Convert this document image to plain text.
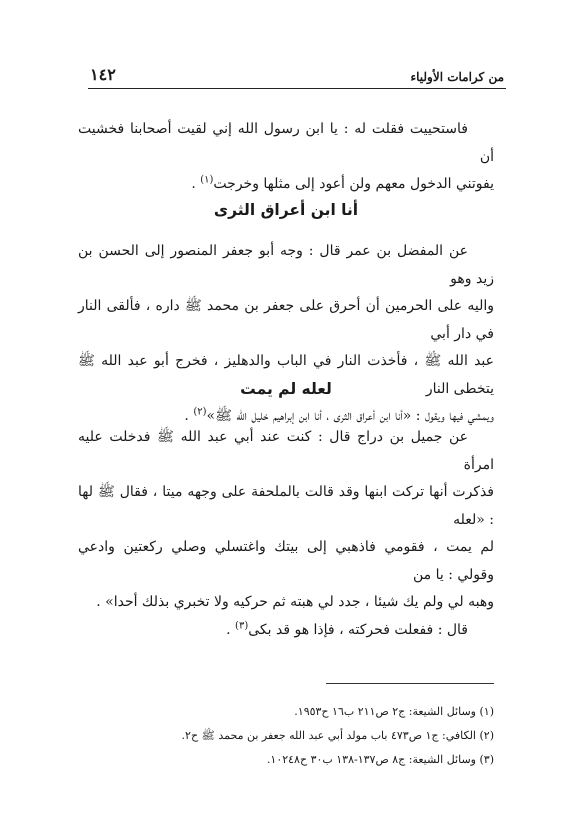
١٤٢	من كرامات الأولياء

فاستحييت فقلت له : يا ابن رسول الله إني لقيت أصحابنا فخشيت أن

يفوتني الدخول معهم ولن أعود إلى مثلها وخرجت$^{(١)}$ .

أنا ابن أعراق الثرى

عن المفضل بن عمر قال : وجه أبو جعفر المنصور إلى الحسن بن زيد وهو

واليه على الحرمين أن أحرق على جعفر بن محمد ﷺ داره ، فألقى النار في دار أبي

عبد الله ﷺ ، فأخذت النار في الباب والدهليز ، فخرج أبو عبد الله ﷺ يتخطى النار

ويمشي فيها ويقول : «أنا ابن أعراق الثرى ، أنا ابن إبراهيم خليل الله ﷺ»$^{(٢)}$ .

لعله لم يمت

عن جميل بن دراج قال : كنت عند أبي عبد الله ﷺ فدخلت عليه امرأة

فذكرت أنها تركت ابنها وقد قالت بالملحفة على وجهه ميتا ، فقال ﷺ لها : «لعله

لم يمت ، فقومي فاذهبي إلى بيتك واغتسلي وصلي ركعتين وادعي وقولي : يا من

وهبه لي ولم يك شيئا ، جدد لي هبته ثم حركيه ولا تخبري بذلك أحدا» .

قال : ففعلت فحركته ، فإذا هو قد بكى$^{(٣)}$ .

(١) وسائل الشيعة: ج٢ ص٢١١ ب١٦ ح١٩٥٣.
(٢) الكافي: ج١ ص٤٧٣ باب مولد أبي عبد الله جعفر بن محمد ﷺ ح٢.
(٣) وسائل الشيعة: ج٨ ص١٣٧-١٣٨ ب٣٠ ح١٠٢٤٨.
